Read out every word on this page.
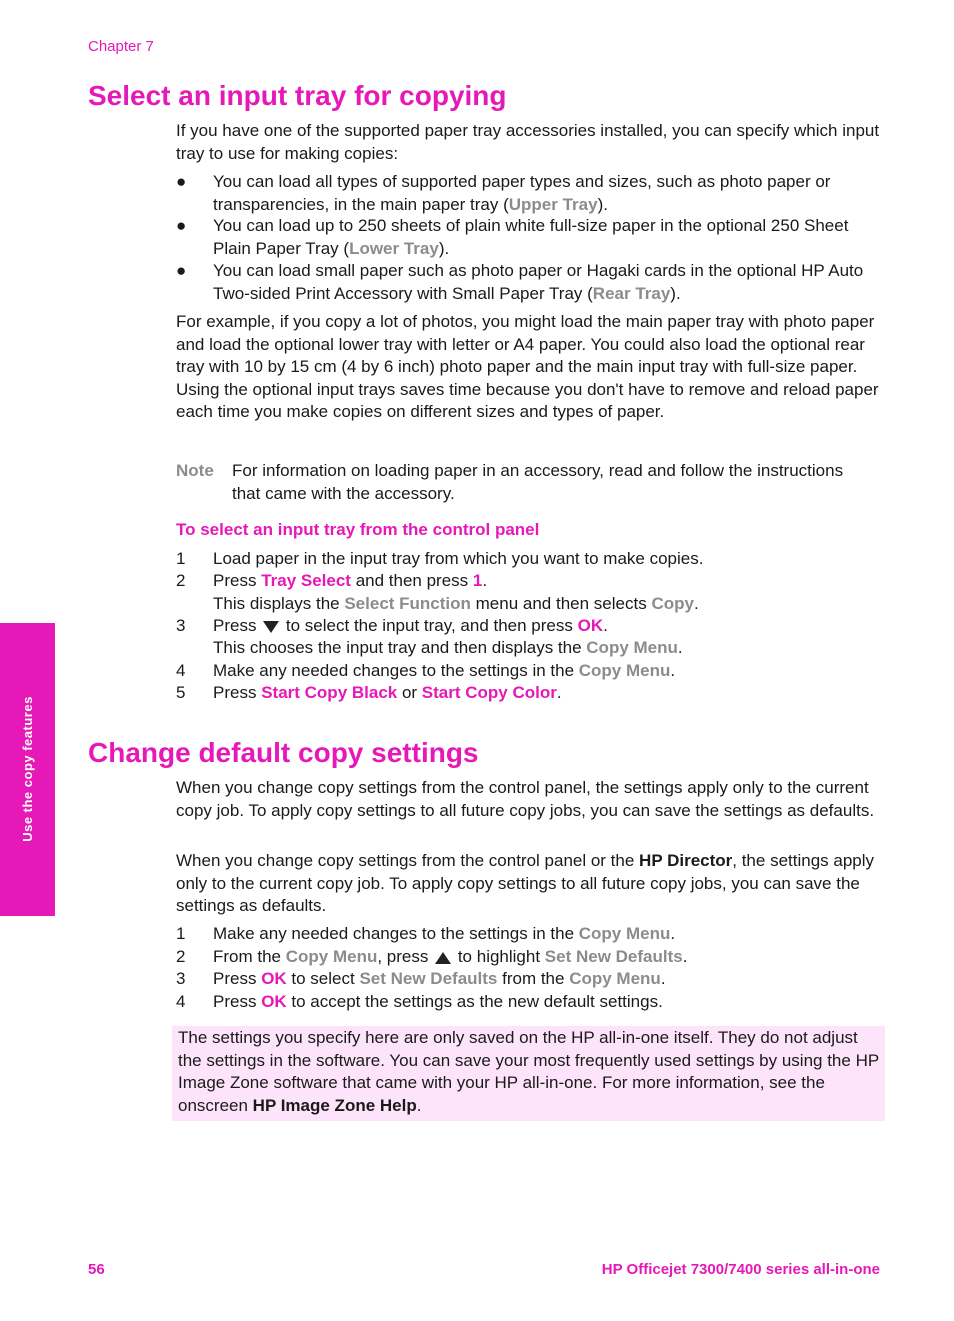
Chapter 7
Use the copy features
Select an input tray for copying
If you have one of the supported paper tray accessories installed, you can specify which input tray to use for making copies:
● You can load all types of supported paper types and sizes, such as photo paper or transparencies, in the main paper tray (Upper Tray).
● You can load up to 250 sheets of plain white full-size paper in the optional 250 Sheet Plain Paper Tray (Lower Tray).
● You can load small paper such as photo paper or Hagaki cards in the optional HP Auto Two-sided Print Accessory with Small Paper Tray (Rear Tray).
For example, if you copy a lot of photos, you might load the main paper tray with photo paper and load the optional lower tray with letter or A4 paper. You could also load the optional rear tray with 10 by 15 cm (4 by 6 inch) photo paper and the main input tray with full-size paper. Using the optional input trays saves time because you don't have to remove and reload paper each time you make copies on different sizes and types of paper.
Note For information on loading paper in an accessory, read and follow the instructions that came with the accessory.
To select an input tray from the control panel
1 Load paper in the input tray from which you want to make copies.
2 Press Tray Select and then press 1.
This displays the Select Function menu and then selects Copy.
3 Press  to select the input tray, and then press OK.
This chooses the input tray and then displays the Copy Menu.
4 Make any needed changes to the settings in the Copy Menu.
5 Press Start Copy Black or Start Copy Color.
Change default copy settings
When you change copy settings from the control panel, the settings apply only to the current copy job. To apply copy settings to all future copy jobs, you can save the settings as defaults.
When you change copy settings from the control panel or the HP Director, the settings apply only to the current copy job. To apply copy settings to all future copy jobs, you can save the settings as defaults.
1 Make any needed changes to the settings in the Copy Menu.
2 From the Copy Menu, press  to highlight Set New Defaults.
3 Press OK to select Set New Defaults from the Copy Menu.
4 Press OK to accept the settings as the new default settings.
The settings you specify here are only saved on the HP all-in-one itself. They do not adjust the settings in the software. You can save your most frequently used settings by using the HP Image Zone software that came with your HP all-in-one. For more information, see the onscreen HP Image Zone Help.
56	HP Officejet 7300/7400 series all-in-one
